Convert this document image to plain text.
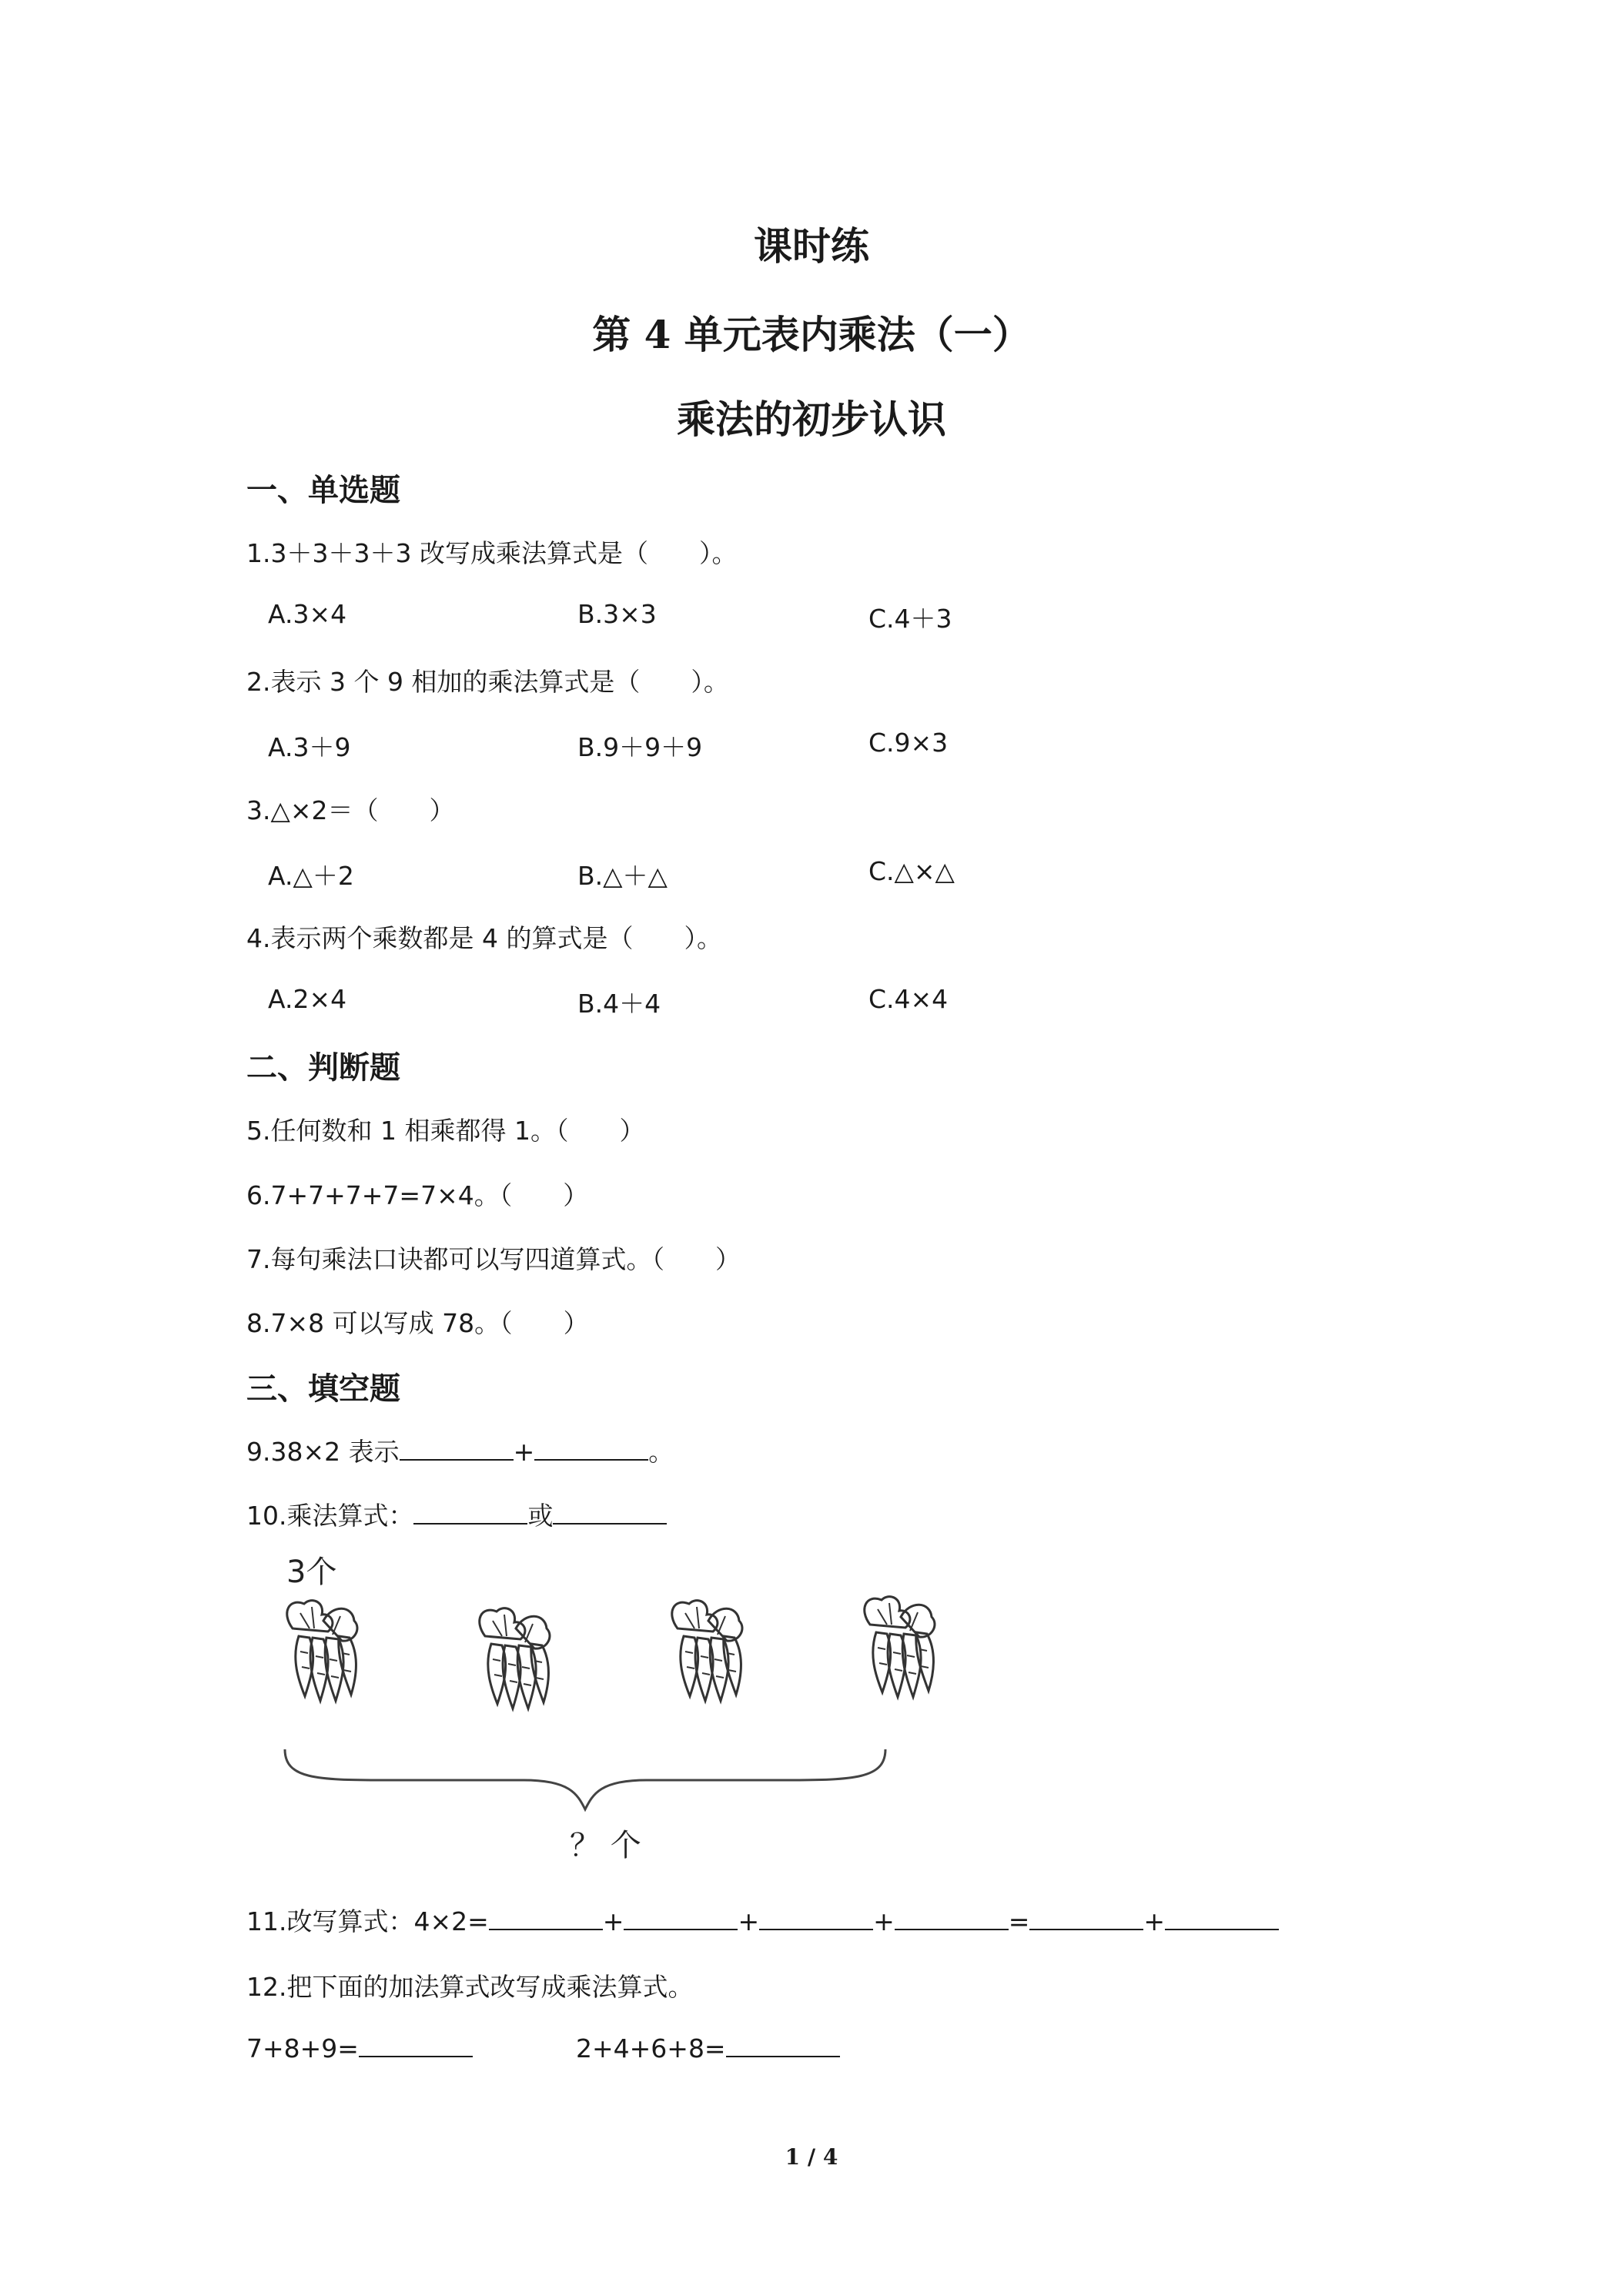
课时练
第 4 单元表内乘法（一）
乘法的初步认识
一、单选题
1.3＋3＋3＋3 改写成乘法算式是（　　）。
A.3×4	B.3×3	C.4＋3
2.表示 3 个 9 相加的乘法算式是（　　）。
A.3＋9	B.9＋9＋9	C.9×3
3.△×2＝（　　）
A.△＋2	B.△＋△	C.△×△
4.表示两个乘数都是 4 的算式是（　　）。
A.2×4	B.4＋4	C.4×4
二、判断题
5.任何数和 1 相乘都得 1。（　　）
6.7+7+7+7=7×4。（　　）
7.每句乘法口诀都可以写四道算式。（　　）
8.7×8 可以写成 78。（　　）
三、填空题
9.38×2 表示	+	。
10.乘法算式：	或
3个
？ 个
11.改写算式：4×2=	+	+	+	=	+
12.把下面的加法算式改写成乘法算式。
7+8+9=	2+4+6+8=
1 / 4
